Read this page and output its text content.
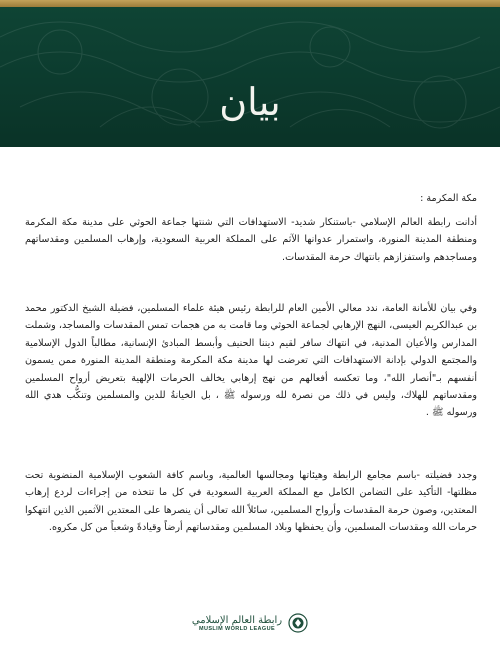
بيان
مكة المكرمة :
أدانت رابطة العالم الإسلامي -باستنكار شديد- الاستهدافات التي شنتها جماعة الحوثي على مدينة مكة المكرمة ومنطقة المدينة المنورة، واستمرار عدوانها الآثم على المملكة العربية السعودية، وإرهاب المسلمين ومقدساتهم ومساجدهم واستفزازهم بانتهاك حرمة المقدسات.
وفي بيان للأمانة العامة، ندد معالي الأمين العام للرابطة رئيس هيئة علماء المسلمين، فضيلة الشيخ الدكتور محمد بن عبدالكريم العيسى، النهج الإرهابي لجماعة الحوثي وما قامت به من هجمات تمس المقدسات والمساجد، وشملت المدارس والأعيان المدنية، في انتهاك سافر لقيم ديننا الحنيف وأبسط المبادئ الإنسانية، مطالباً الدول الإسلامية والمجتمع الدولي بإدانة الاستهدافات التي تعرضت لها مدينة مكة المكرمة ومنطقة المدينة المنورة ممن يسمون أنفسهم بـ"أنصار الله"، وما تعكسه أفعالهم من نهج إرهابي يخالف الحرمات الإلهية بتعريض أرواح المسلمين ومقدساتهم للهلاك، وليس في ذلك من نصرة لله ورسوله ﷺ ، بل الخيانةُ للدين والمسلمين وتنكُّب هدي الله ورسوله ﷺ .
وجدد فضيلته -باسم مجامع الرابطة وهيئاتها ومجالسها العالمية، وباسم كافة الشعوب الإسلامية المنضوية تحت مظلتها- التأكيد على التضامن الكامل مع المملكة العربية السعودية في كل ما تتخذه من إجراءات لردع إرهاب المعتدين، وصون حرمة المقدسات وأرواح المسلمين، سائلاً الله تعالى أن ينصرها على المعتدين الآثمين الذين انتهكوا حرمات الله ومقدسات المسلمين، وأن يحفظها وبلاد المسلمين ومقدساتهم أرضاً وقيادةً وشعباً من كل مكروه.
رابطة العالم الإسلامي
MUSLIM WORLD LEAGUE
